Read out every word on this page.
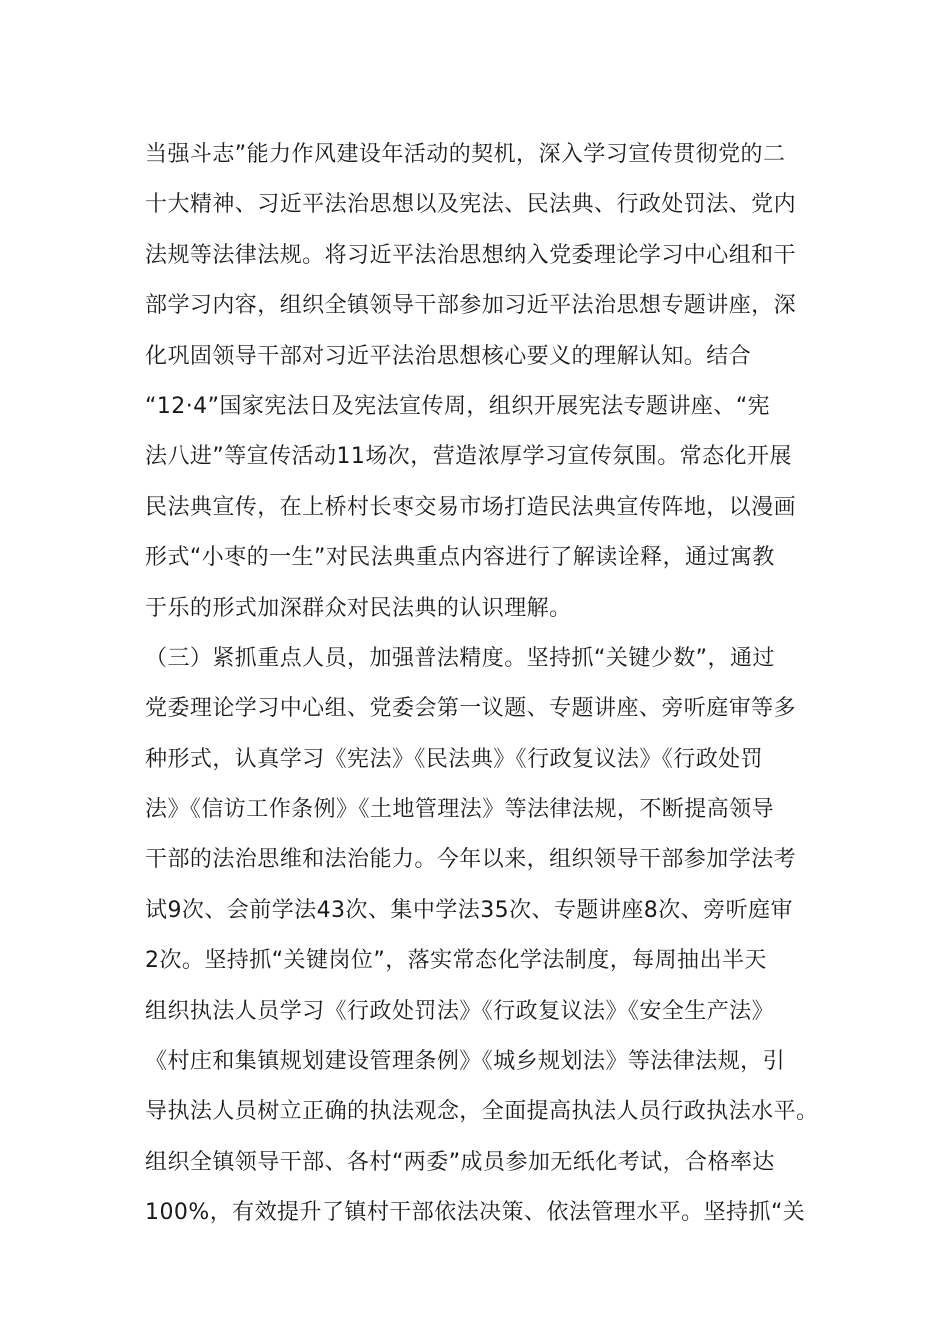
当强斗志”能力作风建设年活动的契机，深入学习宣传贯彻党的二
十大精神、习近平法治思想以及宪法、民法典、行政处罚法、党内
法规等法律法规。将习近平法治思想纳入党委理论学习中心组和干
部学习内容，组织全镇领导干部参加习近平法治思想专题讲座，深
化巩固领导干部对习近平法治思想核心要义的理解认知。结合
“12·4”国家宪法日及宪法宣传周，组织开展宪法专题讲座、“宪
法八进”等宣传活动11场次，营造浓厚学习宣传氛围。常态化开展
民法典宣传，在上桥村长枣交易市场打造民法典宣传阵地，以漫画
形式“小枣的一生”对民法典重点内容进行了解读诠释，通过寓教
于乐的形式加深群众对民法典的认识理解。
（三）紧抓重点人员，加强普法精度。坚持抓“关键少数”，通过
党委理论学习中心组、党委会第一议题、专题讲座、旁听庭审等多
种形式，认真学习《宪法》《民法典》《行政复议法》《行政处罚
法》《信访工作条例》《土地管理法》等法律法规，不断提高领导
干部的法治思维和法治能力。今年以来，组织领导干部参加学法考
试9次、会前学法43次、集中学法35次、专题讲座8次、旁听庭审
2次。坚持抓“关键岗位”，落实常态化学法制度，每周抽出半天
组织执法人员学习《行政处罚法》《行政复议法》《安全生产法》
《村庄和集镇规划建设管理条例》《城乡规划法》等法律法规，引
导执法人员树立正确的执法观念，全面提高执法人员行政执法水平。
组织全镇领导干部、各村“两委”成员参加无纸化考试，合格率达
100%，有效提升了镇村干部依法决策、依法管理水平。坚持抓“关
